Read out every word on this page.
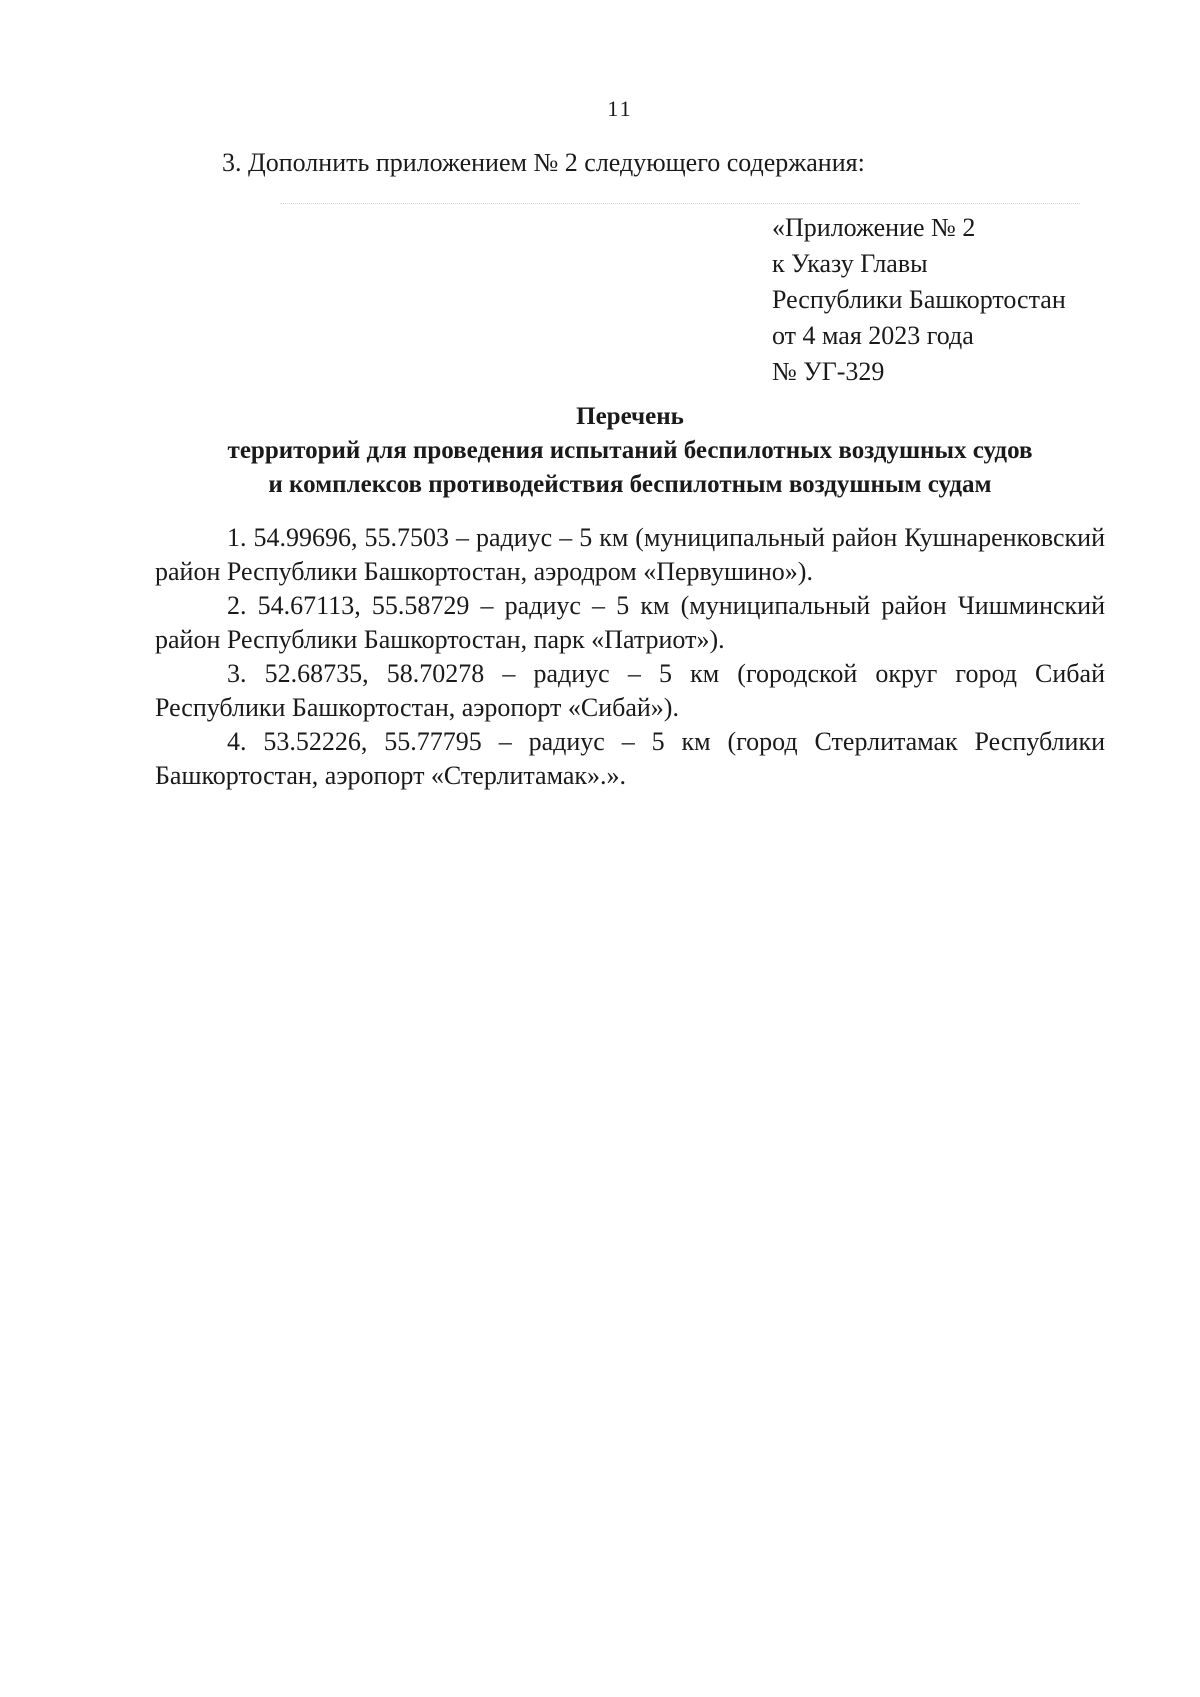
11
3. Дополнить приложением № 2 следующего содержания:
«Приложение № 2
к Указу Главы
Республики Башкортостан
от 4 мая 2023 года
№ УГ-329
Перечень
территорий для проведения испытаний беспилотных воздушных судов
и комплексов противодействия беспилотным воздушным судам

1. 54.99696, 55.7503 – радиус – 5 км (муниципальный район Кушнаренковский район Республики Башкортостан, аэродром «Первушино»).

2. 54.67113, 55.58729 – радиус – 5 км (муниципальный район Чишминский район Республики Башкортостан, парк «Патриот»).

3. 52.68735, 58.70278 – радиус – 5 км (городской округ город Сибай Республики Башкортостан, аэропорт «Сибай»).

4. 53.52226, 55.77795 – радиус – 5 км (город Стерлитамак Республики Башкортостан, аэропорт «Стерлитамак».».
